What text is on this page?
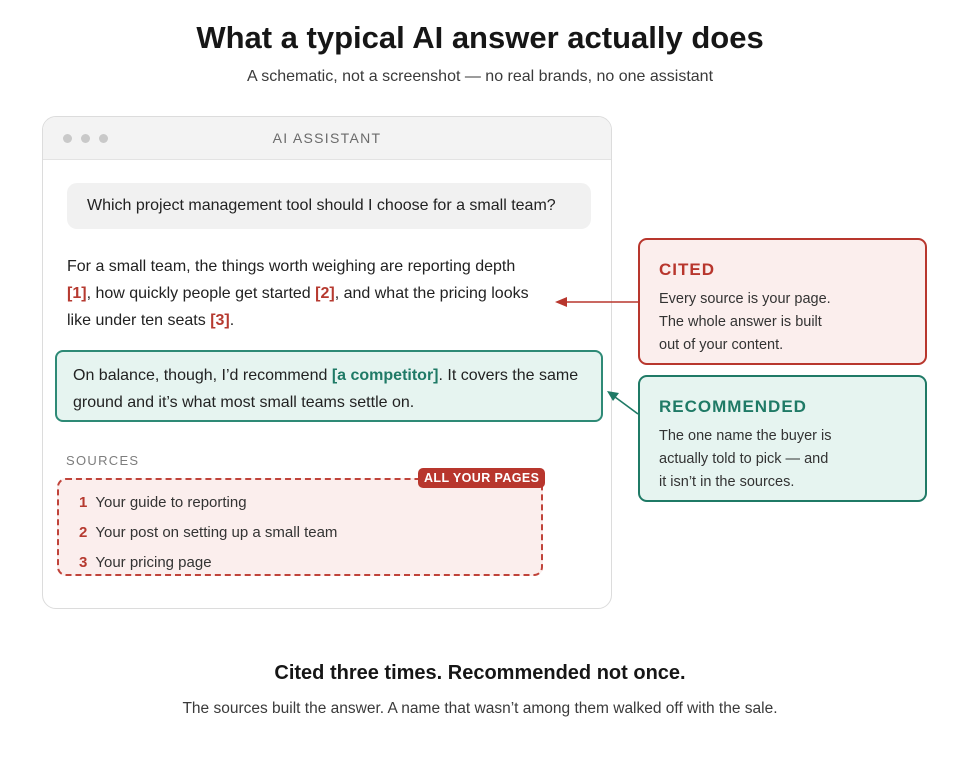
What a typical AI answer actually does
A schematic, not a screenshot — no real brands, no one assistant
AI ASSISTANT
Which project management tool should I choose for a small team?
For a small team, the things worth weighing are reporting depth [1], how quickly people get started [2], and what the pricing looks like under ten seats [3].
On balance, though, I’d recommend [a competitor]. It covers the same ground and it’s what most small teams settle on.
SOURCES
ALL YOUR PAGES
1 Your guide to reporting
2 Your post on setting up a small team
3 Your pricing page
CITED
Every source is your page.
The whole answer is built
out of your content.
RECOMMENDED
The one name the buyer is
actually told to pick — and
it isn’t in the sources.
Cited three times. Recommended not once.
The sources built the answer. A name that wasn’t among them walked off with the sale.
